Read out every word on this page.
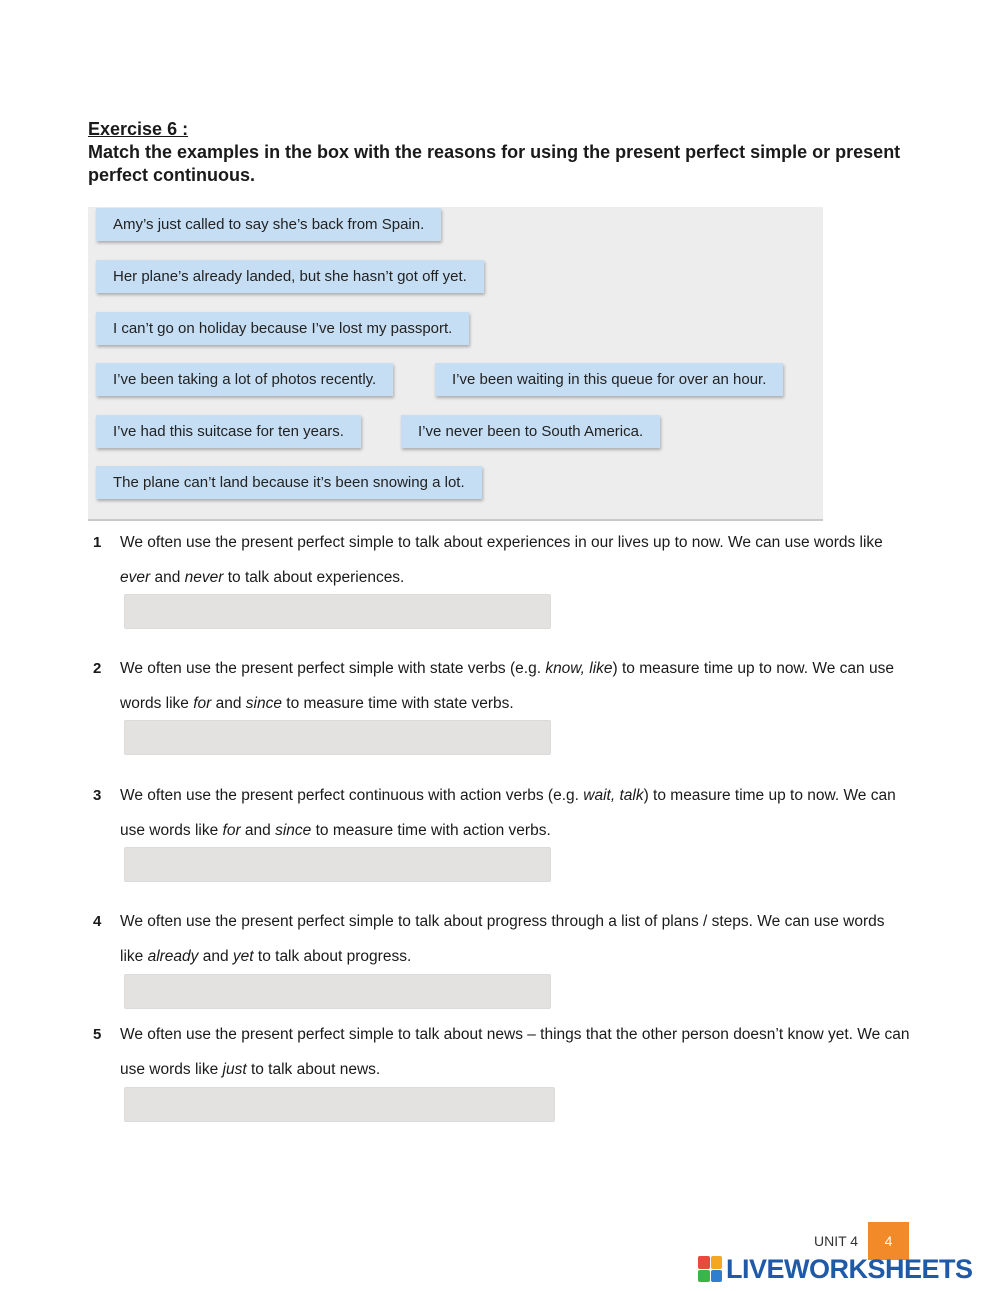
Exercise 6 :
Match the examples in the box with the reasons for using the present perfect simple or present perfect continuous.
Amy’s just called to say she’s back from Spain.
Her plane’s already landed, but she hasn’t got off yet.
I can’t go on holiday because I’ve lost my passport.
I’ve been taking a lot of photos recently.	I’ve been waiting in this queue for over an hour.
I’ve had this suitcase for ten years.	I’ve never been to South America.
The plane can’t land because it’s been snowing a lot.
1 We often use the present perfect simple to talk about experiences in our lives up to now. We can use words like ever and never to talk about experiences.
2 We often use the present perfect simple with state verbs (e.g. know, like) to measure time up to now. We can use words like for and since to measure time with state verbs.
3 We often use the present perfect continuous with action verbs (e.g. wait, talk) to measure time up to now. We can use words like for and since to measure time with action verbs.
4 We often use the present perfect simple to talk about progress through a list of plans / steps. We can use words like already and yet to talk about progress.
5 We often use the present perfect simple to talk about news – things that the other person doesn’t know yet. We can use words like just to talk about news.
UNIT 4	4
LIVEWORKSHEETS
